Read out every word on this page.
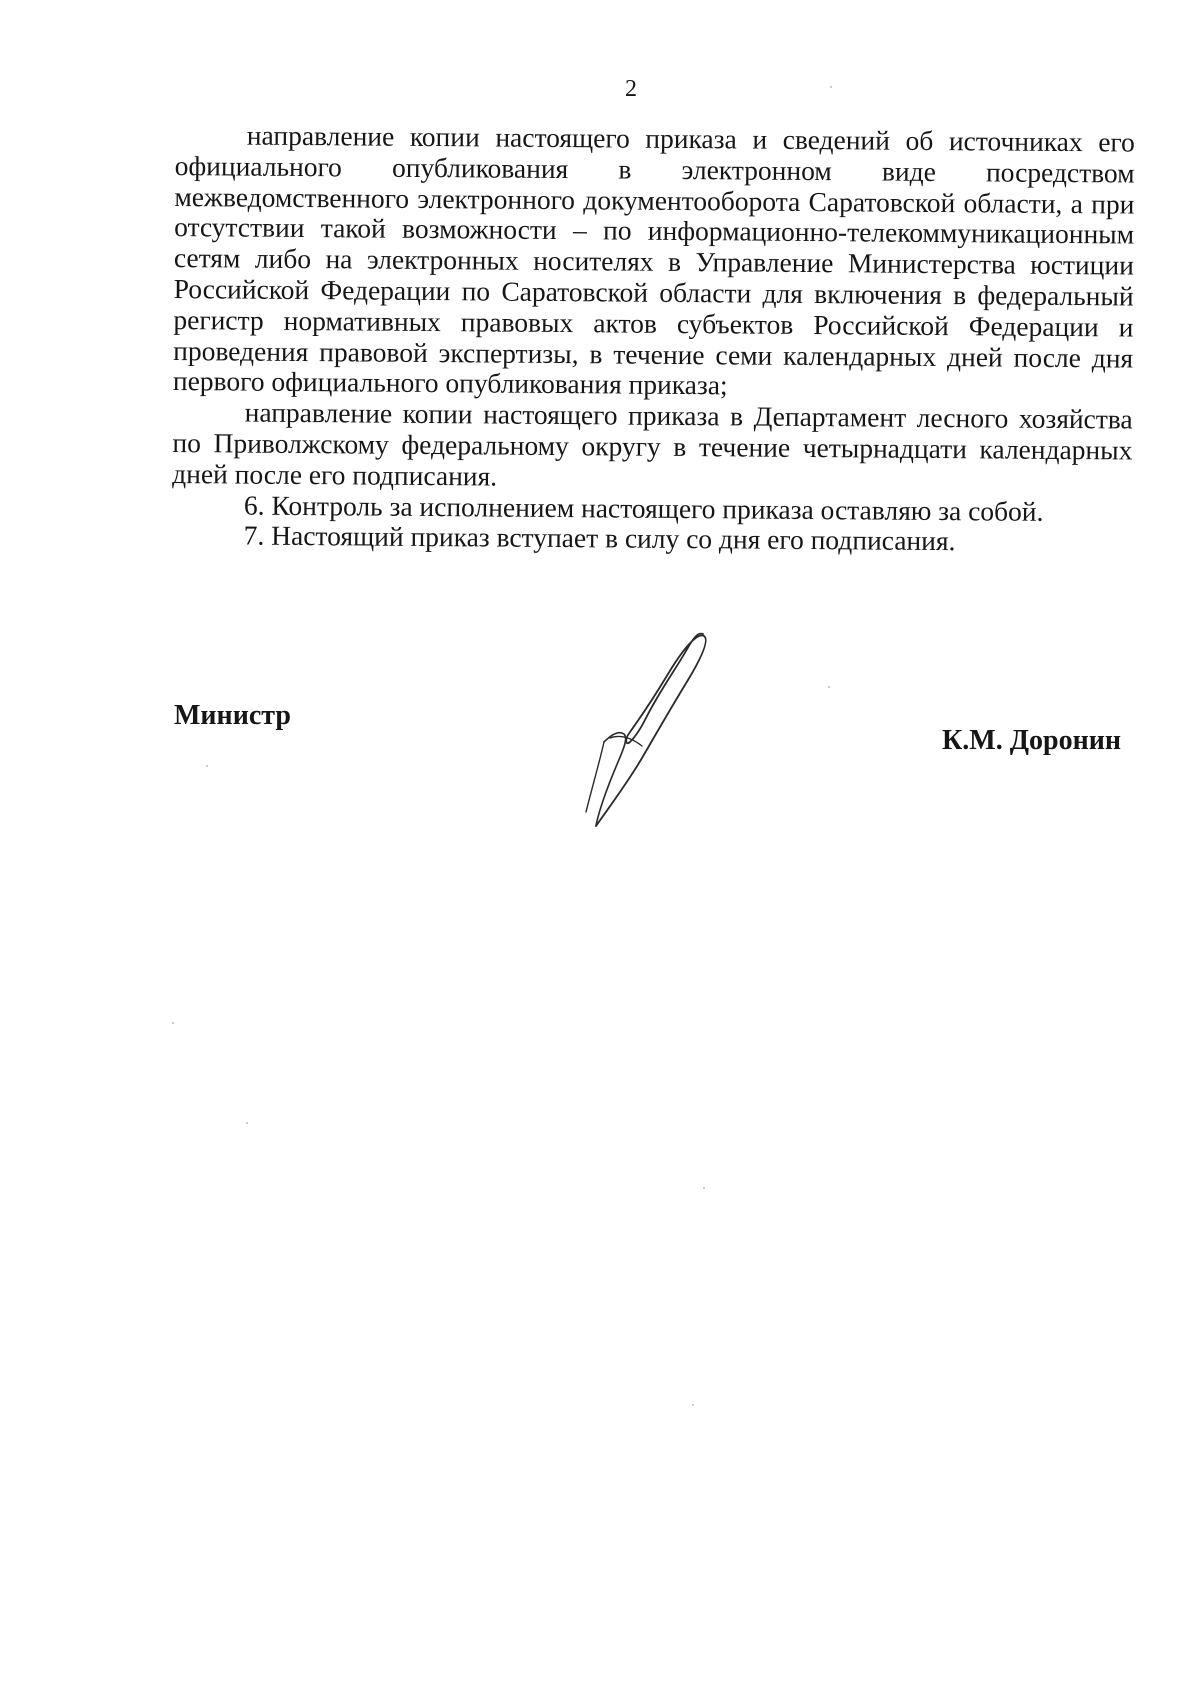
2

направление копии настоящего приказа и сведений об источниках его официального опубликования в электронном виде посредством межведомственного электронного документооборота Саратовской области, а при отсутствии такой возможности – по информационно-телекоммуникационным сетям либо на электронных носителях в Управление Министерства юстиции Российской Федерации по Саратовской области для включения в федеральный регистр нормативных правовых актов субъектов Российской Федерации и проведения правовой экспертизы, в течение семи календарных дней после дня первого официального опубликования приказа;

направление копии настоящего приказа в Департамент лесного хозяйства по Приволжскому федеральному округу в течение четырнадцати календарных дней после его подписания.

6. Контроль за исполнением настоящего приказа оставляю за собой.

7. Настоящий приказ вступает в силу со дня его подписания.

Министр
К.М. Доронин
